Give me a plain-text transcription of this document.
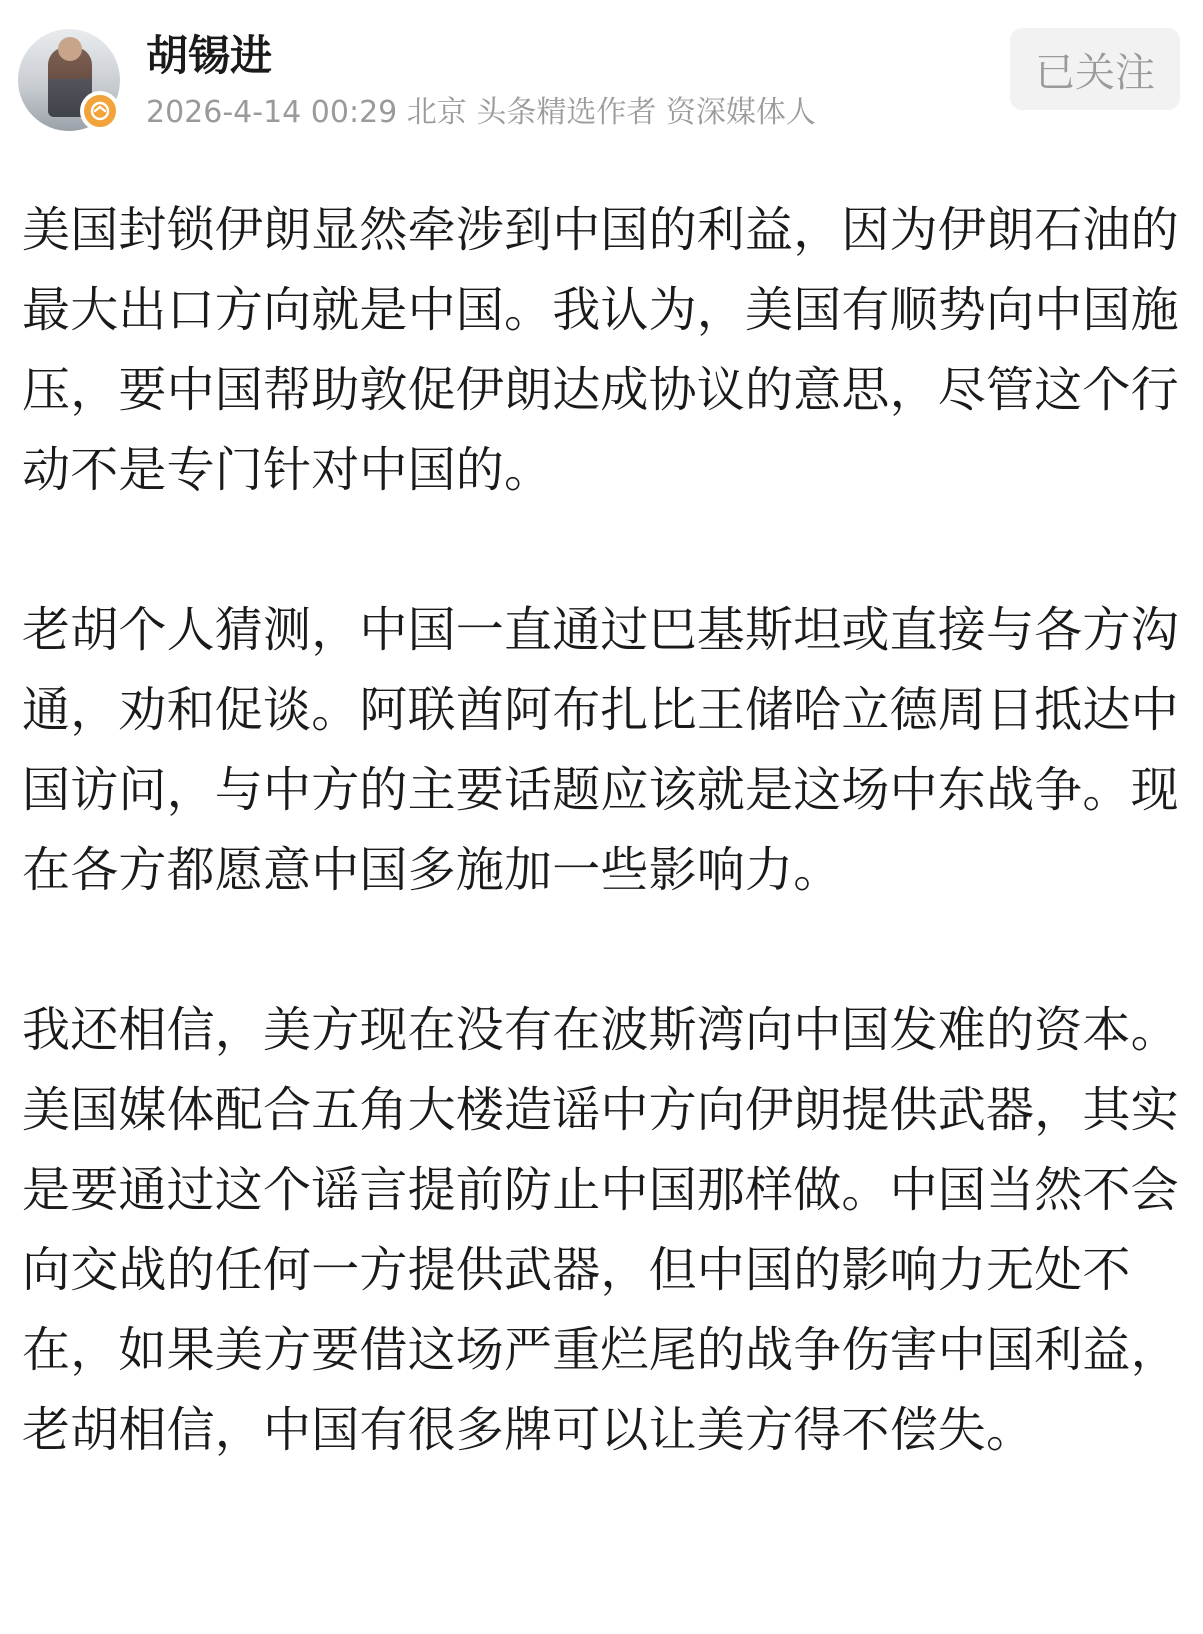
胡锡进
2026-4-14 00:29 北京 头条精选作者 资深媒体人
已关注

美国封锁伊朗显然牵涉到中国的利益，因为伊朗石油的最大出口方向就是中国。我认为，美国有顺势向中国施压，要中国帮助敦促伊朗达成协议的意思，尽管这个行动不是专门针对中国的。

老胡个人猜测，中国一直通过巴基斯坦或直接与各方沟通，劝和促谈。阿联酋阿布扎比王储哈立德周日抵达中国访问，与中方的主要话题应该就是这场中东战争。现在各方都愿意中国多施加一些影响力。

我还相信，美方现在没有在波斯湾向中国发难的资本。美国媒体配合五角大楼造谣中方向伊朗提供武器，其实是要通过这个谣言提前防止中国那样做。中国当然不会向交战的任何一方提供武器，但中国的影响力无处不在，如果美方要借这场严重烂尾的战争伤害中国利益，老胡相信，中国有很多牌可以让美方得不偿失。
